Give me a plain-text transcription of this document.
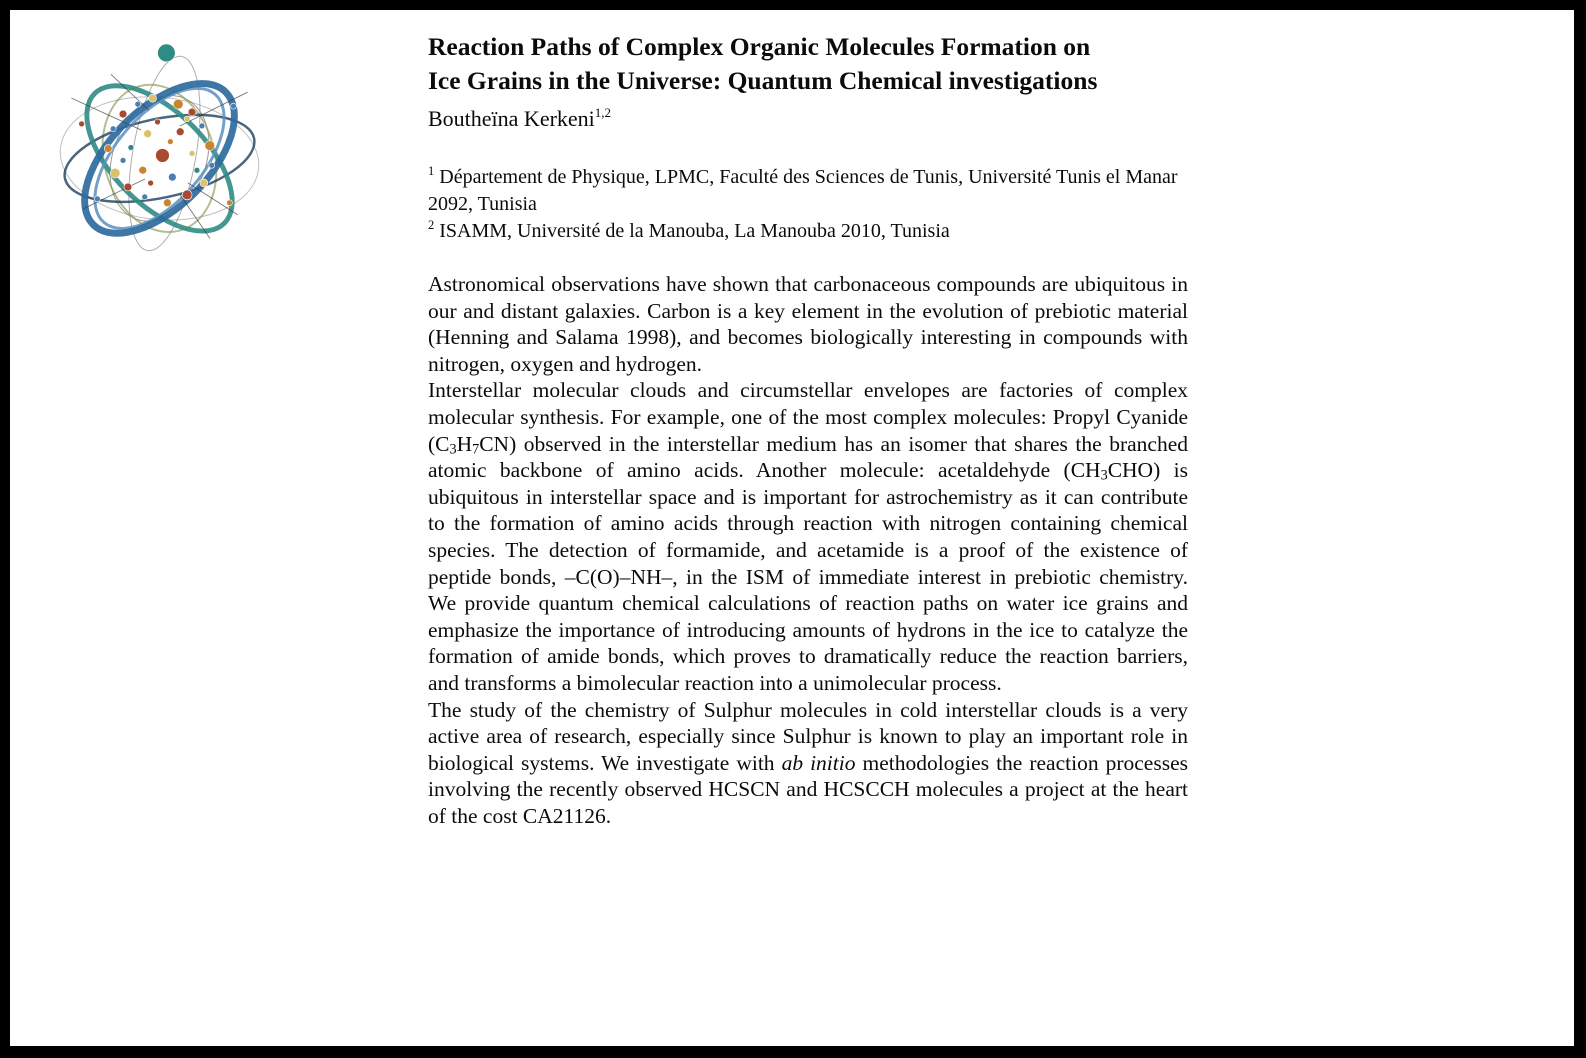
Reaction Paths of Complex Organic Molecules Formation on
Ice Grains in the Universe: Quantum Chemical investigations
Boutheïna Kerkeni$^{1,2}$

$^1$ Département de Physique, LPMC, Faculté des Sciences de Tunis, Université Tunis el Manar 2092, Tunisia

$^2$ ISAMM, Université de la Manouba, La Manouba 2010, Tunisia

Astronomical observations have shown that carbonaceous compounds are ubiquitous in our and distant galaxies. Carbon is a key element in the evolution of prebiotic material (Henning and Salama 1998), and becomes biologically interesting in compounds with nitrogen, oxygen and hydrogen.

Interstellar molecular clouds and circumstellar envelopes are factories of complex molecular synthesis. For example, one of the most complex molecules: Propyl Cyanide $(C_3H_7CN)$ observed in the interstellar medium has an isomer that shares the branched atomic backbone of amino acids. Another molecule: acetaldehyde $(CH_3CHO)$ is ubiquitous in interstellar space and is important for astrochemistry as it can contribute to the formation of amino acids through reaction with nitrogen containing chemical species. The detection of formamide, and acetamide is a proof of the existence of peptide bonds, –C(O)–NH–, in the ISM of immediate interest in prebiotic chemistry. We provide quantum chemical calculations of reaction paths on water ice grains and emphasize the importance of introducing amounts of hydrons in the ice to catalyze the formation of amide bonds, which proves to dramatically reduce the reaction barriers, and transforms a bimolecular reaction into a unimolecular process.

The study of the chemistry of Sulphur molecules in cold interstellar clouds is a very active area of research, especially since Sulphur is known to play an important role in biological systems. We investigate with ab initio methodologies the reaction processes involving the recently observed HCSCN and HCSCCH molecules a project at the heart of the cost CA21126.
